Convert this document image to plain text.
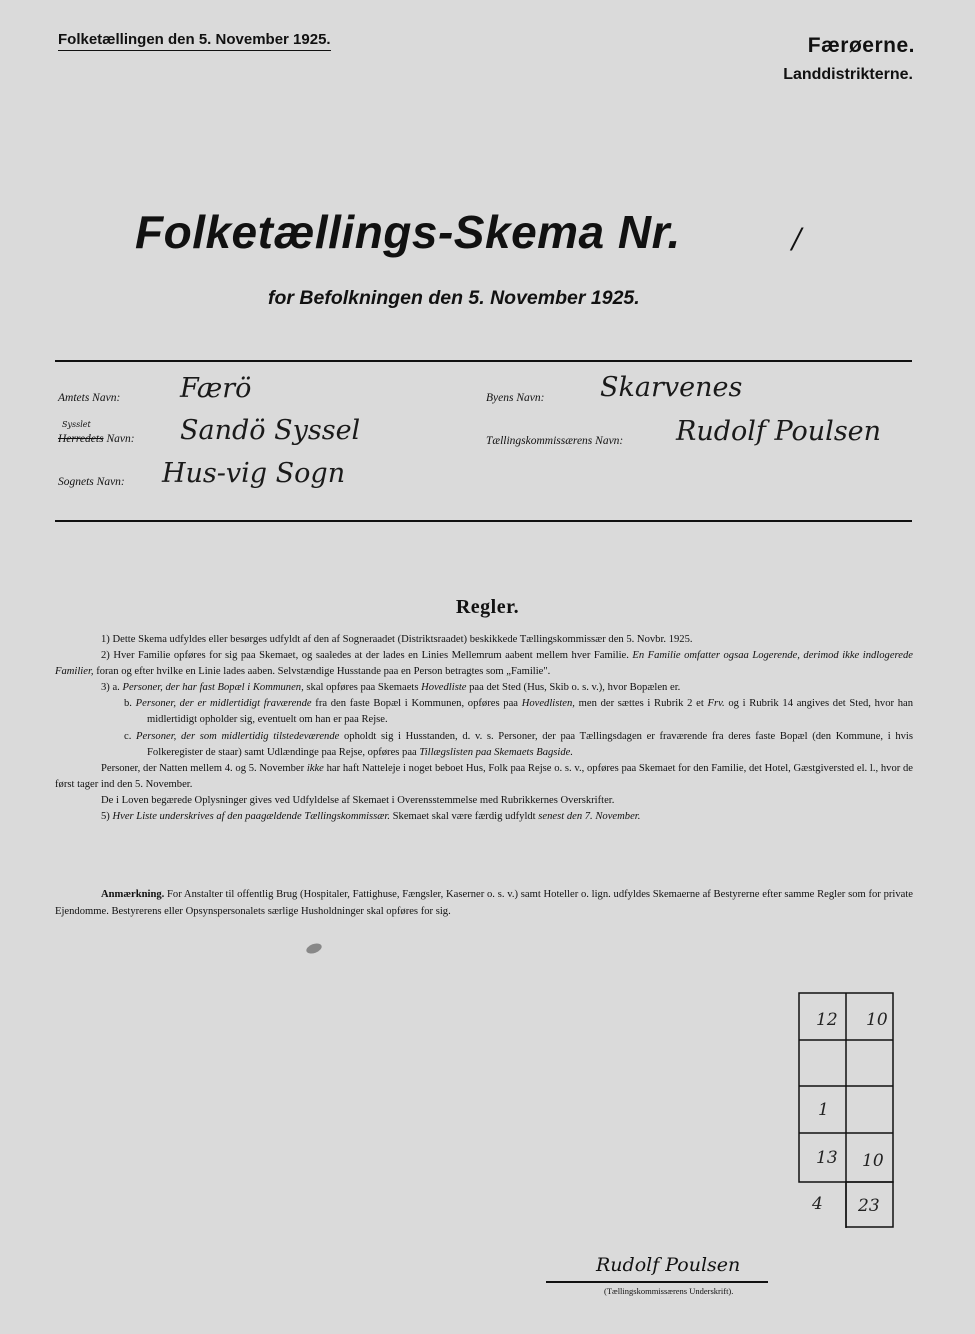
Folketællingen den 5. November 1925.	Færøerne.
Landdistrikterne.
Folketællings-Skema Nr.	/
for Befolkningen den 5. November 1925.
Amtets Navn: Færö
Sysslet
Herredets Navn: Sandö Syssel
Sognets Navn: Hus-vig Sogn
Byens Navn: Skarvenes
Tællingskommissærens Navn: Rudolf Poulsen
Regler.

1) Dette Skema udfyldes eller besørges udfyldt af den af Sogneraadet (Distriktsraadet) beskikkede Tællingskommissær den 5. Novbr. 1925.

2) Hver Familie opføres for sig paa Skemaet, og saaledes at der lades en Linies Mellemrum aabent mellem hver Familie. En Familie omfatter ogsaa Logerende, derimod ikke indlogerede Familier, foran og efter hvilke en Linie lades aaben. Selvstændige Husstande paa en Person betragtes som „Familie".

3) a. Personer, der har fast Bopæl i Kommunen, skal opføres paa Skemaets Hovedliste paa det Sted (Hus, Skib o. s. v.), hvor Bopælen er.

b. Personer, der er midlertidigt fraværende fra den faste Bopæl i Kommunen, opføres paa Hovedlisten, men der sættes i Rubrik 2 et Frv. og i Rubrik 14 angives det Sted, hvor han midlertidigt opholder sig, eventuelt om han er paa Rejse.

c. Personer, der som midlertidig tilstedeværende opholdt sig i Husstanden, d. v. s. Personer, der paa Tællingsdagen er fraværende fra deres faste Bopæl (den Kommune, i hvis Folkeregister de staar) samt Udlændinge paa Rejse, opføres paa Tillægslisten paa Skemaets Bagside.

Personer, der Natten mellem 4. og 5. November ikke har haft Natteleje i noget beboet Hus, Folk paa Rejse o. s. v., opføres paa Skemaet for den Familie, det Hotel, Gæstgiversted el. l., hvor de først tager ind den 5. November.

De i Loven begærede Oplysninger gives ved Udfyldelse af Skemaet i Overensstemmelse med Rubrikkernes Overskrifter.

5) Hver Liste underskrives af den paagældende Tællingskommissær. Skemaet skal være færdig udfyldt senest den 7. November.

Anmærkning. For Anstalter til offentlig Brug (Hospitaler, Fattighuse, Fængsler, Kaserner o. s. v.) samt Hoteller o. lign. udfyldes Skemaerne af Bestyrerne efter samme Regler som for private Ejendomme. Bestyrerens eller Opsynspersonalets særlige Husholdninger skal opføres for sig.
12 10
1
13 10
4 23
Rudolf Poulsen
(Tællingskommissærens Underskrift).
